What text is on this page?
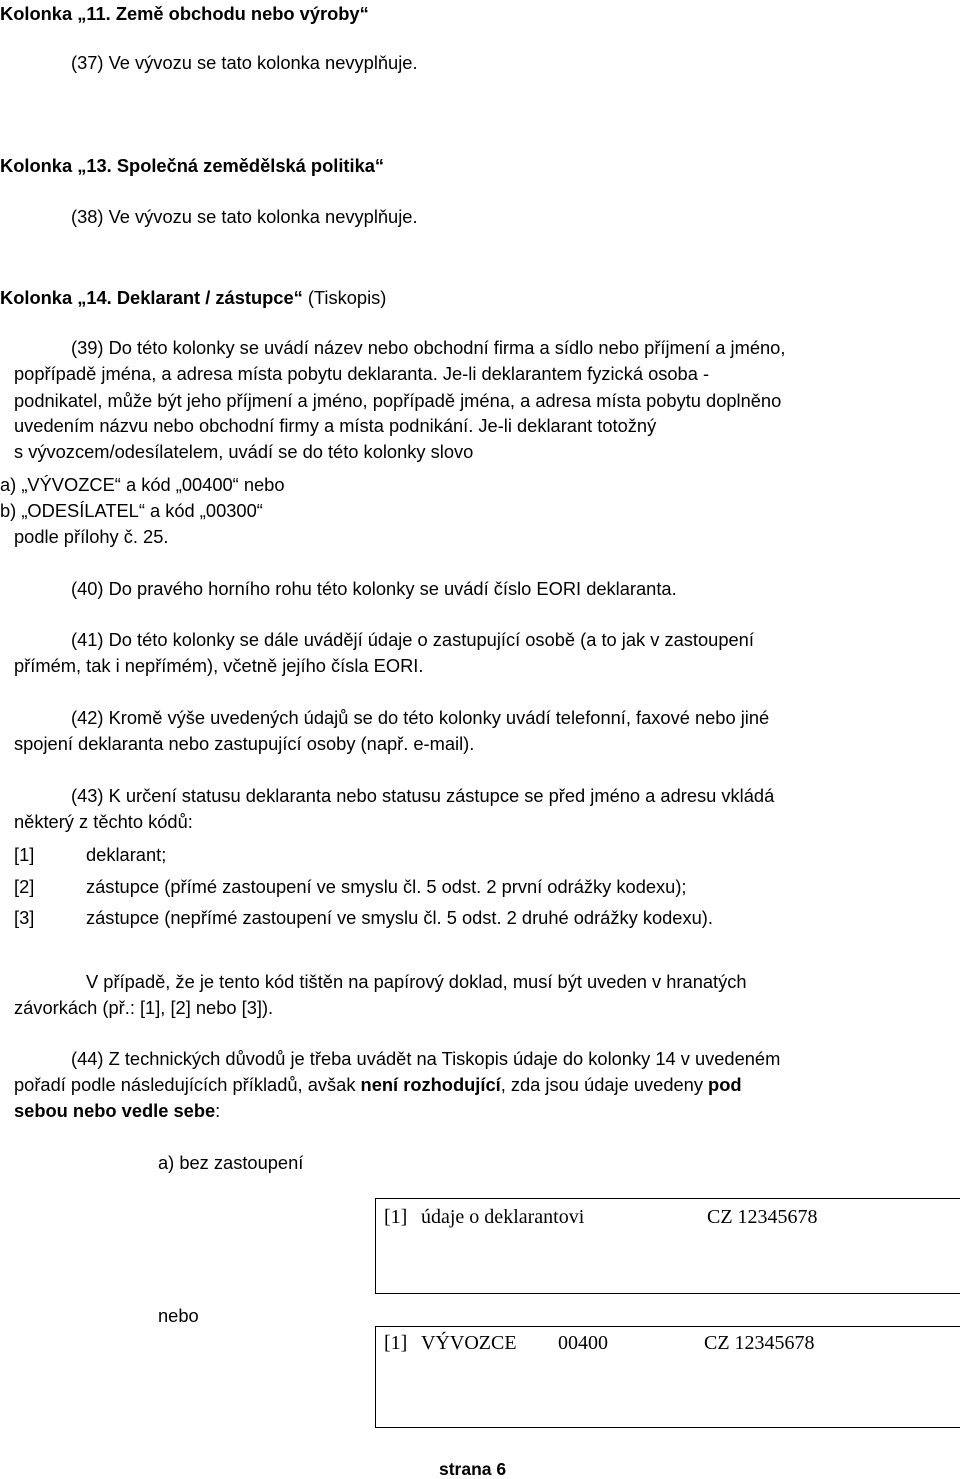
Kolonka „11. Země obchodu nebo výroby“
(37) Ve vývozu se tato kolonka nevyplňuje.
Kolonka „13. Společná zemědělská politika“
(38) Ve vývozu se tato kolonka nevyplňuje.
Kolonka „14. Deklarant / zástupce“ (Tiskopis)
(39) Do této kolonky se uvádí název nebo obchodní firma a sídlo nebo příjmení a jméno,
popřípadě jména, a adresa místa pobytu deklaranta. Je-li deklarantem fyzická osoba -
podnikatel, může být jeho příjmení a jméno, popřípadě jména, a adresa místa pobytu doplněno
uvedením názvu nebo obchodní firmy a místa podnikání. Je-li deklarant totožný
s vývozcem/odesílatelem, uvádí se do této kolonky slovo
a) „VÝVOZCE“ a kód „00400“ nebo
b) „ODESÍLATEL“ a kód „00300“
podle přílohy č. 25.
(40) Do pravého horního rohu této kolonky se uvádí číslo EORI deklaranta.
(41) Do této kolonky se dále uvádějí údaje o zastupující osobě (a to jak v zastoupení
přímém, tak i nepřímém), včetně jejího čísla EORI.
(42) Kromě výše uvedených údajů se do této kolonky uvádí telefonní, faxové nebo jiné
spojení deklaranta nebo zastupující osoby (např. e-mail).
(43) K určení statusu deklaranta nebo statusu zástupce se před jméno a adresu vkládá
některý z těchto kódů:
[1]	deklarant;
[2]	zástupce (přímé zastoupení ve smyslu čl. 5 odst. 2 první odrážky kodexu);
[3]	zástupce (nepřímé zastoupení ve smyslu čl. 5 odst. 2 druhé odrážky kodexu).
V případě, že je tento kód tištěn na papírový doklad, musí být uveden v hranatých
závorkách (př.: [1], [2] nebo [3]).
(44) Z technických důvodů je třeba uvádět na Tiskopis údaje do kolonky 14 v uvedeném
pořadí podle následujících příkladů, avšak není rozhodující, zda jsou údaje uvedeny pod
sebou nebo vedle sebe:
a) bez zastoupení
[1] údaje o deklarantovi	CZ 12345678
nebo
[1] VÝVOZCE 00400	CZ 12345678
strana 6
